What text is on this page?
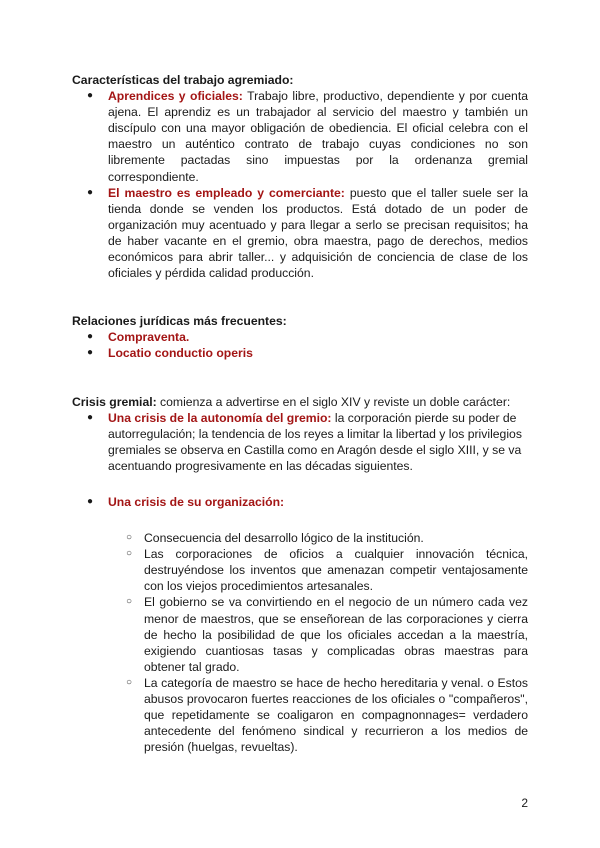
Características del trabajo agremiado:

● Aprendices y oficiales: Trabajo libre, productivo, dependiente y por cuenta ajena. El aprendiz es un trabajador al servicio del maestro y también un discípulo con una mayor obligación de obediencia. El oficial celebra con el maestro un auténtico contrato de trabajo cuyas condiciones no son libremente pactadas sino impuestas por la ordenanza gremial correspondiente.
● El maestro es empleado y comerciante: puesto que el taller suele ser la tienda donde se venden los productos. Está dotado de un poder de organización muy acentuado y para llegar a serlo se precisan requisitos; ha de haber vacante en el gremio, obra maestra, pago de derechos, medios económicos para abrir taller... y adquisición de conciencia de clase de los oficiales y pérdida calidad producción.

Relaciones jurídicas más frecuentes:

● Compraventa.
● Locatio conductio operis

Crisis gremial: comienza a advertirse en el siglo XIV y reviste un doble carácter:

● Una crisis de la autonomía del gremio: la corporación pierde su poder de autorregulación; la tendencia de los reyes a limitar la libertad y los privilegios gremiales se observa en Castilla como en Aragón desde el siglo XIII, y se va acentuando progresivamente en las décadas siguientes.
● Una crisis de su organización:
○ Consecuencia del desarrollo lógico de la institución.
○ Las corporaciones de oficios a cualquier innovación técnica, destruyéndose los inventos que amenazan competir ventajosamente con los viejos procedimientos artesanales.
○ El gobierno se va convirtiendo en el negocio de un número cada vez menor de maestros, que se enseñorean de las corporaciones y cierra de hecho la posibilidad de que los oficiales accedan a la maestría, exigiendo cuantiosas tasas y complicadas obras maestras para obtener tal grado.
○ La categoría de maestro se hace de hecho hereditaria y venal. o Estos abusos provocaron fuertes reacciones de los oficiales o "compañeros", que repetidamente se coaligaron en compagnonnages= verdadero antecedente del fenómeno sindical y recurrieron a los medios de presión (huelgas, revueltas).
2
